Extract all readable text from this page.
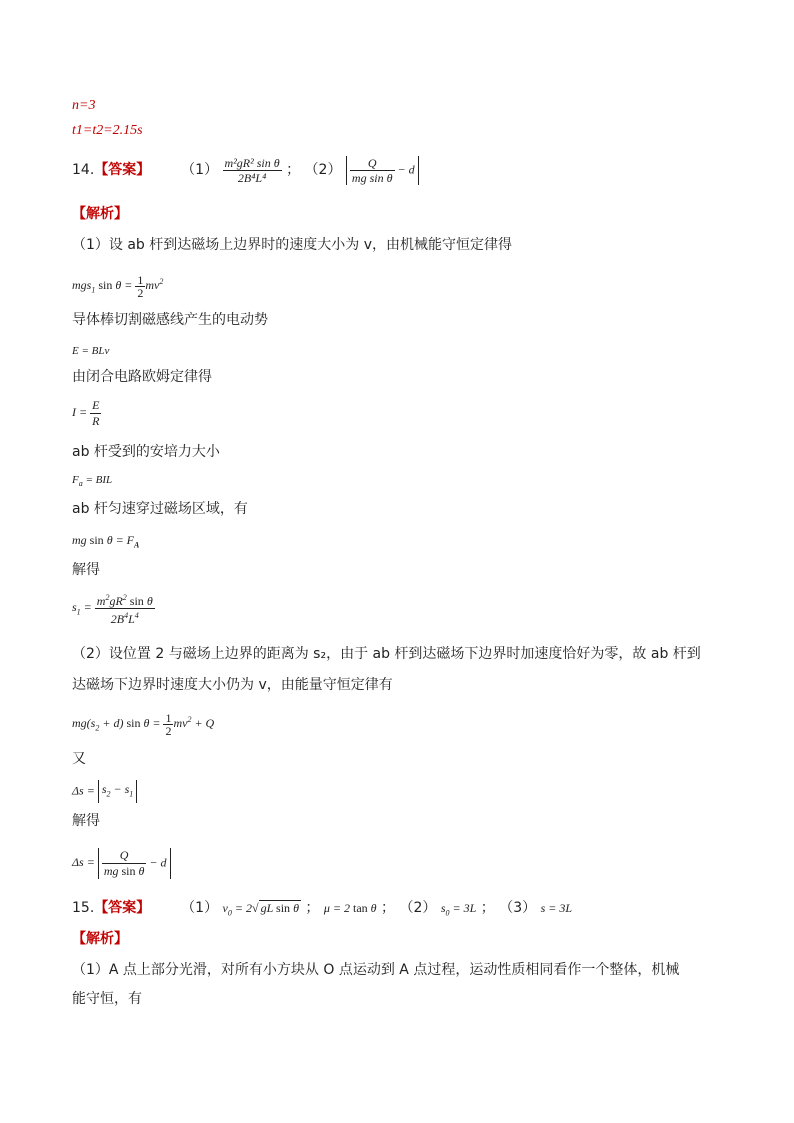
n=3
t1=t2=2.15s
14.【答案】 $(1) \frac{\text{m²gR² sin θ}}{\text{2B⁴L⁴}}$ ； $(2) \frac{Q}{\text{mg sin θ}} - d$
【解析】
（1）设 ab 杆到达磁场上边界时的速度大小为 v，由机械能守恒定律得
mgs$_1$ $\sin \theta = \frac{1}{2} mv^2$
导体棒切割磁感线产生的电动势
E = BLv
由闭合电路欧姆定律得
$I = \frac{E}{R}$
ab 杆受到的安培力大小
$F_a$ = BIL
ab 杆匀速穿过磁场区域，有
mg $\sin \theta = F_A$
解得
$s_1 = \frac{m^2gR^2 \sin \theta}{2B^4L^4}$
（2）设位置 2 与磁场上边界的距离为 s₂，由于 ab 杆到达磁场下边界时加速度恰好为零，故 ab 杆到
达磁场下边界时速度大小仍为 v，由能量守恒定律有
$mg(s_2 + d)$ $\sin \theta = \frac{1}{2} mv^2 + Q$
又
$\Delta s = s_2 - s_1$
解得
$\Delta s = \frac{Q}{\text{mg sin θ}} - d$
15.【答案】 （1） $v_0 = 2√$ gL sin θ ； μ = 2 tan θ ； （2） $s_0 = 3L$ ； （3） s = 3L
【解析】
（1）A 点上部分光滑，对所有小方块从 O 点运动到 A 点过程，运动性质相同看作一个整体，机械
能守恒，有
